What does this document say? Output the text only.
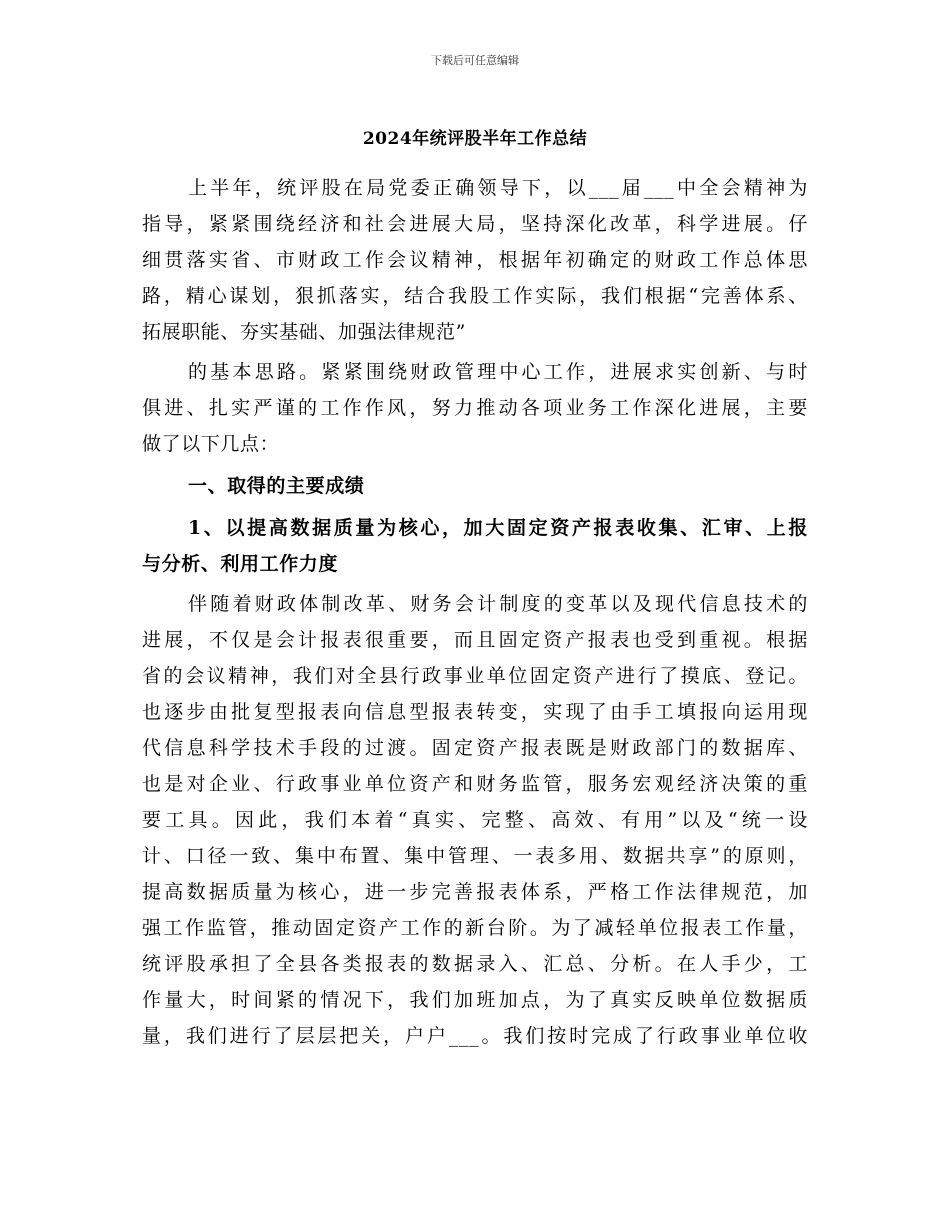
下载后可任意编辑
2024年统评股半年工作总结
上半年，统评股在局党委正确领导下，以___届___中全会精神为
指导，紧紧围绕经济和社会进展大局，坚持深化改革，科学进展。仔
细贯落实省、市财政工作会议精神，根据年初确定的财政工作总体思
路，精心谋划，狠抓落实，结合我股工作实际，我们根据“完善体系、
拓展职能、夯实基础、加强法律规范”
的基本思路。紧紧围绕财政管理中心工作，进展求实创新、与时
俱进、扎实严谨的工作作风，努力推动各项业务工作深化进展，主要
做了以下几点：
一、取得的主要成绩
1、以提高数据质量为核心，加大固定资产报表收集、汇审、上报
与分析、利用工作力度
伴随着财政体制改革、财务会计制度的变革以及现代信息技术的
进展，不仅是会计报表很重要，而且固定资产报表也受到重视。根据
省的会议精神，我们对全县行政事业单位固定资产进行了摸底、登记。
也逐步由批复型报表向信息型报表转变，实现了由手工填报向运用现
代信息科学技术手段的过渡。固定资产报表既是财政部门的数据库、
也是对企业、行政事业单位资产和财务监管，服务宏观经济决策的重
要工具。因此，我们本着“真实、完整、高效、有用”以及“统一设
计、口径一致、集中布置、集中管理、一表多用、数据共享”的原则，
提高数据质量为核心，进一步完善报表体系，严格工作法律规范，加
强工作监管，推动固定资产工作的新台阶。为了减轻单位报表工作量，
统评股承担了全县各类报表的数据录入、汇总、分析。在人手少，工
作量大，时间紧的情况下，我们加班加点，为了真实反映单位数据质
量，我们进行了层层把关，户户___。我们按时完成了行政事业单位收
